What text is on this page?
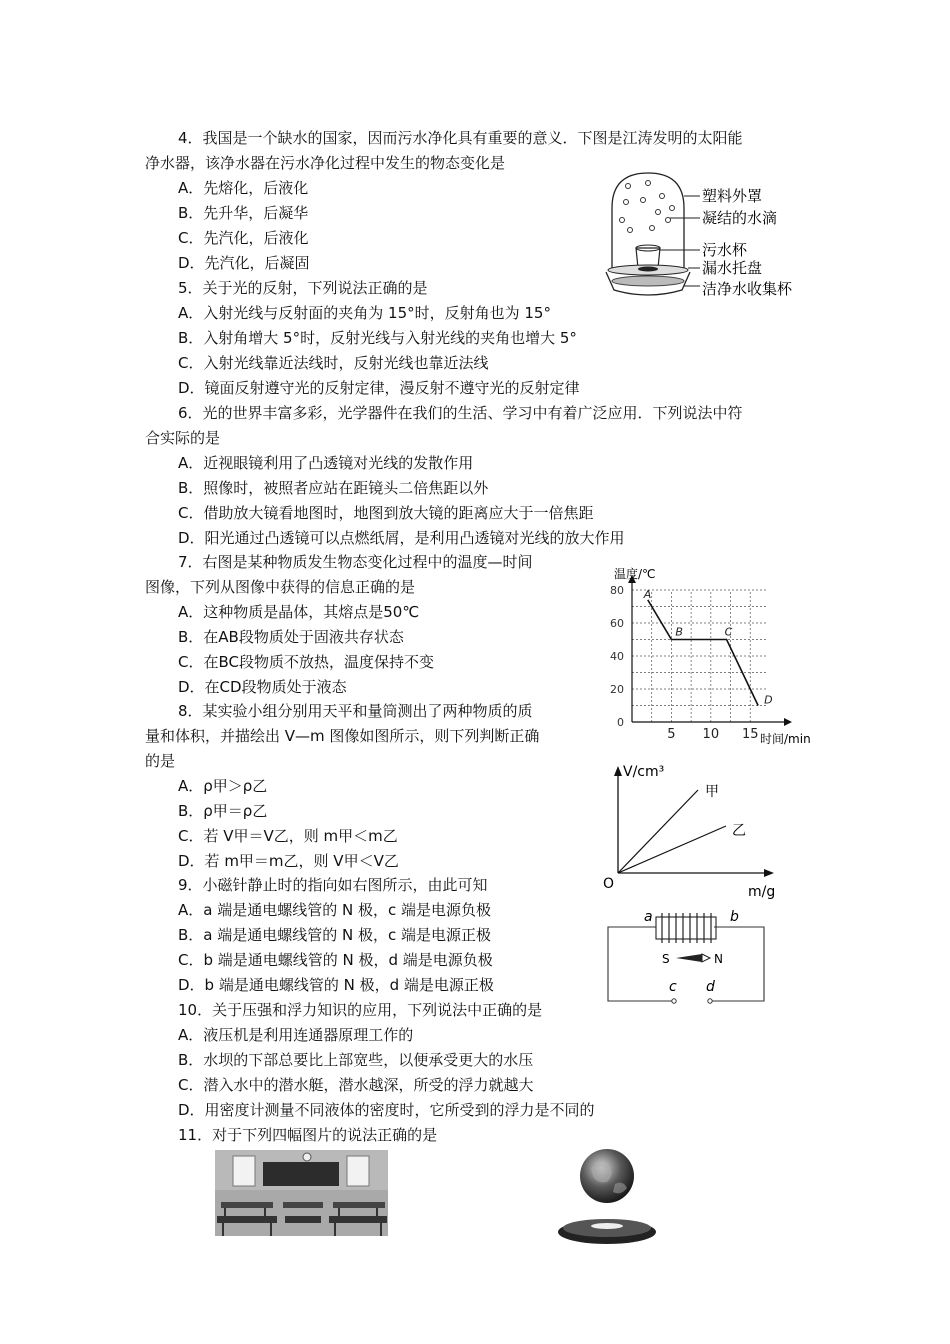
4．我国是一个缺水的国家，因而污水净化具有重要的意义．下图是江涛发明的太阳能
净水器，该净水器在污水净化过程中发生的物态变化是
A．先熔化，后液化
B．先升华，后凝华
C．先汽化，后液化
D．先汽化，后凝固
塑料外罩
凝结的水滴
污水杯
漏水托盘
洁净水收集杯
5．关于光的反射，下列说法正确的是
A．入射光线与反射面的夹角为 15°时，反射角也为 15°
B．入射角增大 5°时，反射光线与入射光线的夹角也增大 5°
C．入射光线靠近法线时，反射光线也靠近法线
D．镜面反射遵守光的反射定律，漫反射不遵守光的反射定律
6．光的世界丰富多彩，光学器件在我们的生活、学习中有着广泛应用．下列说法中符
合实际的是
A．近视眼镜利用了凸透镜对光线的发散作用
B．照像时，被照者应站在距镜头二倍焦距以外
C．借助放大镜看地图时，地图到放大镜的距离应大于一倍焦距
D．阳光通过凸透镜可以点燃纸屑，是利用凸透镜对光线的放大作用
7．右图是某种物质发生物态变化过程中的温度—时间
图像，下列从图像中获得的信息正确的是
A．这种物质是晶体，其熔点是50℃
B．在AB段物质处于固液共存状态
C．在BC段物质不放热，温度保持不变
D．在CD段物质处于液态
0
20
40
60
80
5 10 15
A
B	C
D
温度/℃
时间/min
8．某实验小组分别用天平和量筒测出了两种物质的质
量和体积，并描绘出 V—m 图像如图所示，则下列判断正确
的是
A．ρ甲＞ρ乙
B．ρ甲＝ρ乙
C．若 V甲＝V乙，则 m甲＜m乙
D．若 m甲＝m乙，则 V甲＜V乙
V/cm³
m/g
O
甲
乙
9．小磁针静止时的指向如右图所示，由此可知
A．a 端是通电螺线管的 N 极，c 端是电源负极
B．a 端是通电螺线管的 N 极，c 端是电源正极
C．b 端是通电螺线管的 N 极，d 端是电源负极
D．b 端是通电螺线管的 N 极，d 端是电源正极
a	b
S	N
c d
10．关于压强和浮力知识的应用，下列说法中正确的是
A．液压机是利用连通器原理工作的
B．水坝的下部总要比上部宽些，以便承受更大的水压
C．潜入水中的潜水艇，潜水越深，所受的浮力就越大
D．用密度计测量不同液体的密度时，它所受到的浮力是不同的
11．对于下列四幅图片的说法正确的是
